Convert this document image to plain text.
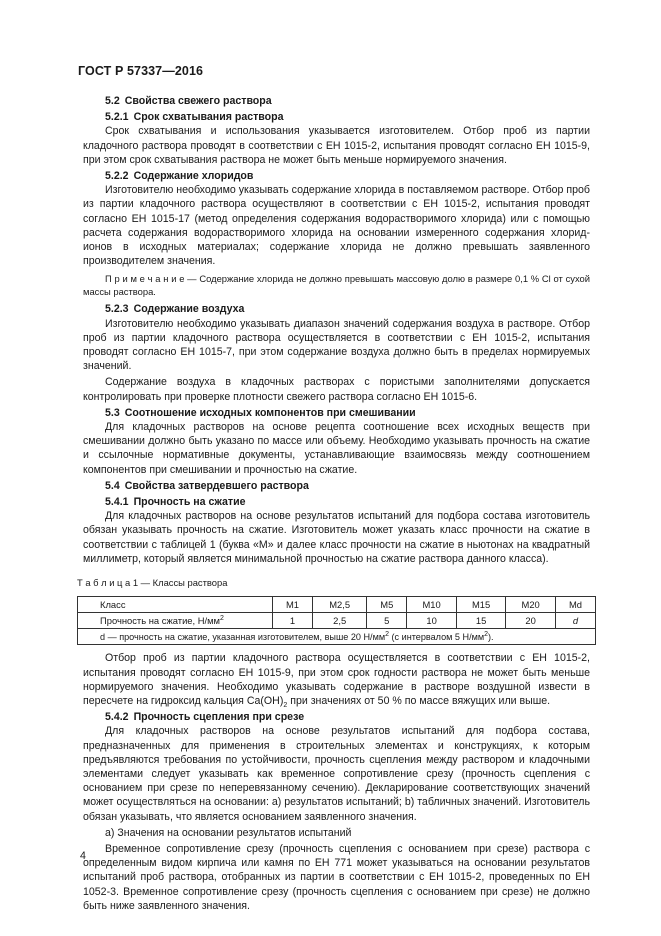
ГОСТ Р 57337—2016
5.2 Свойства свежего раствора
5.2.1 Срок схватывания раствора

Срок схватывания и использования указывается изготовителем. Отбор проб из партии кладочного раствора проводят в соответствии с ЕН 1015-2, испытания проводят согласно ЕН 1015-9, при этом срок схватывания раствора не может быть меньше нормируемого значения.

5.2.2 Содержание хлоридов

Изготовителю необходимо указывать содержание хлорида в поставляемом растворе. Отбор проб из партии кладочного раствора осуществляют в соответствии с ЕН 1015-2, испытания проводят согласно ЕН 1015-17 (метод определения содержания водорастворимого хлорида) или с помощью расчета содержания водорастворимого хлорида на основании измеренного содержания хлорид-ионов в исходных материалах; содержание хлорида не должно превышать заявленного производителем значения.

П р и м е ч а н и е — Содержание хлорида не должно превышать массовую долю в размере 0,1 % Cl от сухой массы раствора.

5.2.3 Содержание воздуха

Изготовителю необходимо указывать диапазон значений содержания воздуха в растворе. Отбор проб из партии кладочного раствора осуществляется в соответствии с ЕН 1015-2, испытания проводят согласно ЕН 1015-7, при этом содержание воздуха должно быть в пределах нормируемых значений.

Содержание воздуха в кладочных растворах с пористыми заполнителями допускается контролировать при проверке плотности свежего раствора согласно ЕН 1015-6.

5.3 Соотношение исходных компонентов при смешивании

Для кладочных растворов на основе рецепта соотношение всех исходных веществ при смешивании должно быть указано по массе или объему. Необходимо указывать прочность на сжатие и ссылочные нормативные документы, устанавливающие взаимосвязь между соотношением компонентов при смешивании и прочностью на сжатие.

5.4 Свойства затвердевшего раствора
5.4.1 Прочность на сжатие

Для кладочных растворов на основе результатов испытаний для подбора состава изготовитель обязан указывать прочность на сжатие. Изготовитель может указать класс прочности на сжатие в соответствии с таблицей 1 (буква «М» и далее класс прочности на сжатие в ньютонах на квадратный миллиметр, который является минимальной прочностью на сжатие раствора данного класса).

Т а б л и ц а 1 — Классы раствора
Класс	M1	M2,5	M5	M10	M15	M20	Md
Прочность на сжатие, $Н/мм^2$	1	2,5	5	10	15	20	d
d — прочность на сжатие, указанная изготовителем, выше 20 $Н/мм^2$ (с интервалом 5 $Н/мм^2$).							

Отбор проб из партии кладочного раствора осуществляется в соответствии с ЕН 1015-2, испытания проводят согласно ЕН 1015-9, при этом срок годности раствора не может быть меньше нормируемого значения. Необходимо указывать содержание в растворе воздушной извести в пересчете на гидроксид кальция $Ca(OH)_2$ при значениях от 50 % по массе вяжущих или выше.

5.4.2 Прочность сцепления при срезе

Для кладочных растворов на основе результатов испытаний для подбора состава, предназначенных для применения в строительных элементах и конструкциях, к которым предъявляются требования по устойчивости, прочность сцепления между раствором и кладочными элементами следует указывать как временное сопротивление срезу (прочность сцепления с основанием при срезе по неперевязанному сечению). Декларирование соответствующих значений может осуществляться на основании: a) результатов испытаний; b) табличных значений. Изготовитель обязан указывать, что является основанием заявленного значения.

a) Значения на основании результатов испытаний

Временное сопротивление срезу (прочность сцепления с основанием при срезе) раствора с определенным видом кирпича или камня по ЕН 771 может указываться на основании результатов испытаний проб раствора, отобранных из партии в соответствии с ЕН 1015-2, проведенных по ЕН 1052-3. Временное сопротивление срезу (прочность сцепления с основанием при срезе) не должно быть ниже заявленного значения.

4
